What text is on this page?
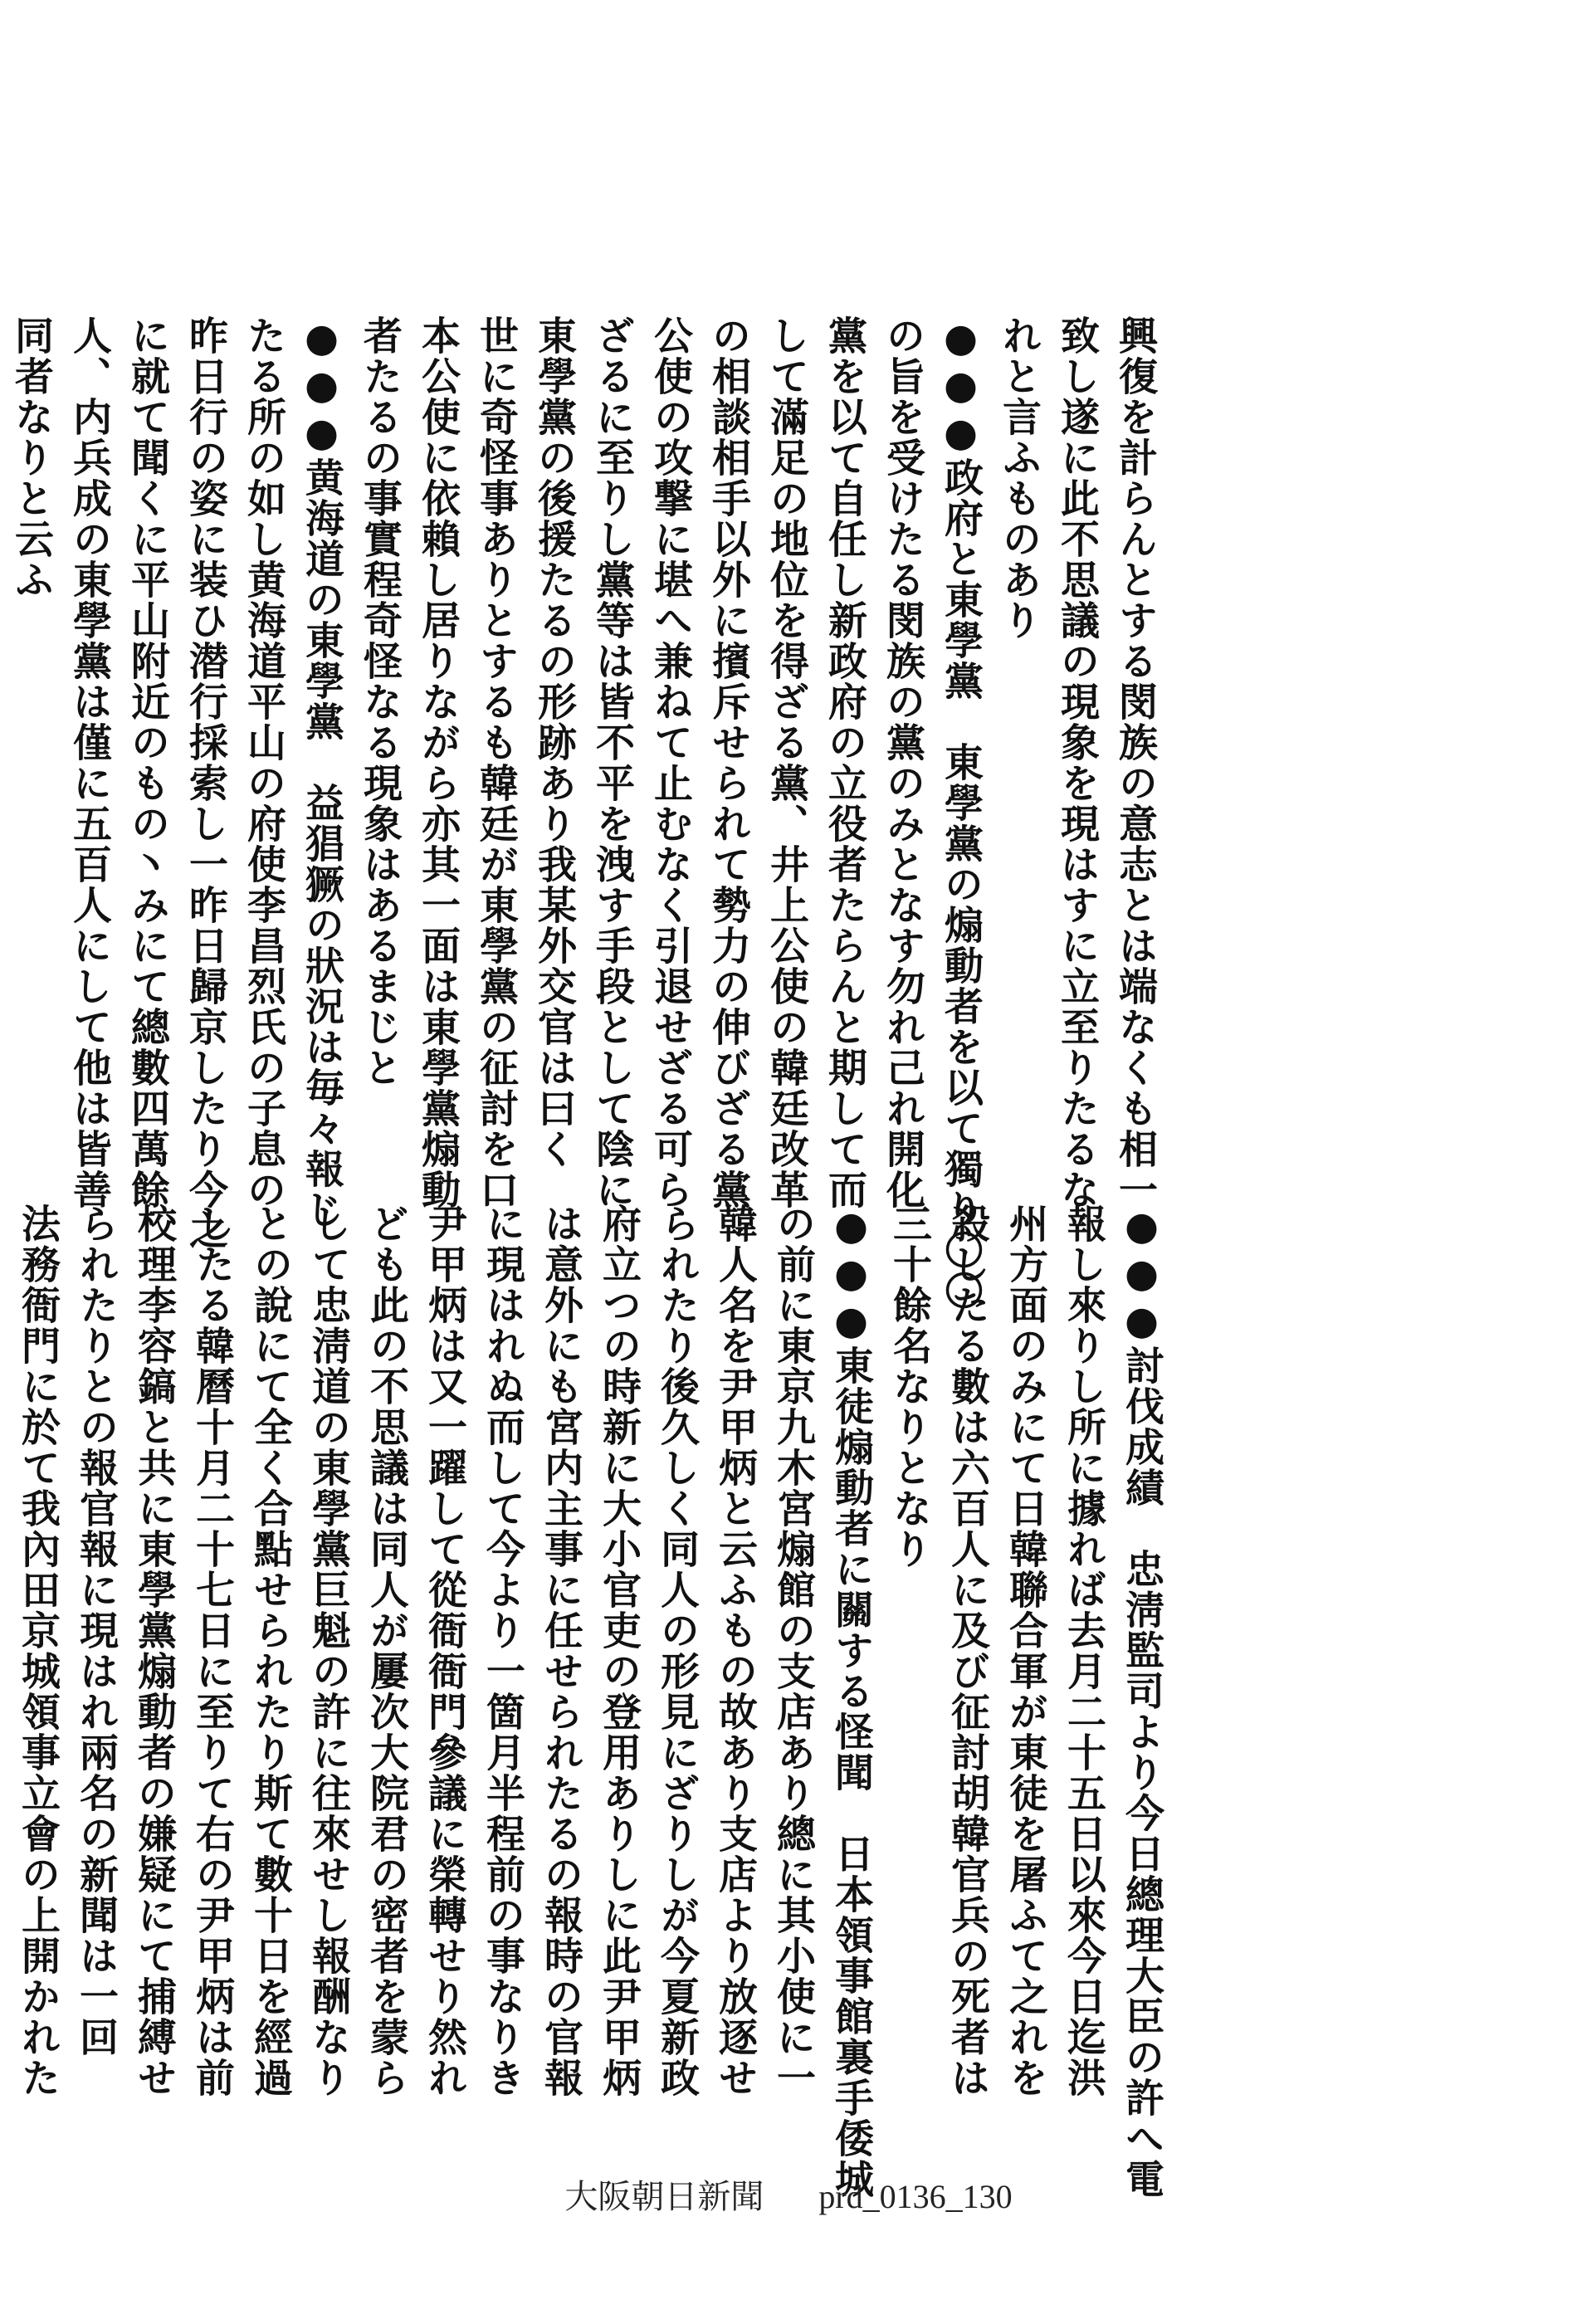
興復を計らんとする閔族の意志とは端なくも相一

致し遂に此不思議の現象を現はすに立至りたるな

れと言ふものあり

●●●政府と東學黨　東學黨の煽動者を以て獨り〇〇

の旨を受けたる閔族の黨のみとなす勿れ己れ開化

黨を以て自任し新政府の立役者たらんと期して而

して滿足の地位を得ざる黨、井上公使の韓廷改革

の相談相手以外に擯斥せられて勢力の伸びざる黨

公使の攻撃に堪へ兼ねて止むなく引退せざる可ら

ざるに至りし黨等は皆不平を洩す手段として陰に

東學黨の後援たるの形跡あり我某外交官は曰く

世に奇怪事ありとするも韓廷が東學黨の征討を口

本公使に依賴し居りながら亦其一面は東學黨煽動

者たるの事實程奇怪なる現象はあるまじと

●●●黄海道の東學黨　益猖獗の狀況は毎々報じ

たる所の如し黄海道平山の府使李昌烈氏の子息の

昨日行の姿に装ひ潜行採索し一昨日歸京したり今之

に就て聞くに平山附近のもの丶みにて總數四萬餘

人、内兵成の東學黨は僅に五百人にして他は皆善

同者なりと云ふ

●●●討伐成績　忠淸監司より今日總理大臣の許へ電

報し來りし所に據れば去月二十五日以來今日迄洪

州方面のみにて日韓聯合軍が東徒を屠ふて之れを

殺したる數は六百人に及び征討胡韓官兵の死者は

三十餘名なりとなり

●●●東徒煽動者に關する怪聞　日本領事館裏手倭城

の前に東京九木宮煽館の支店あり總に其小使に一

韓人名を尹甲炳と云ふもの故あり支店より放逐せ

られたり後久しく同人の形見にざりしが今夏新政

府立つの時新に大小官吏の登用ありしに此尹甲炳

は意外にも宮内主事に任せられたるの報時の官報

に現はれぬ而して今より一箇月半程前の事なりき

尹甲炳は又一躍して從衙衙門參議に榮轉せり然れ

ども此の不思議は同人が屢次大院君の密者を蒙ら

して忠淸道の東學黨巨魁の許に往來せし報酬なり

との說にて全く合點せられたり斯て數十日を經過

したる韓曆十月二十七日に至りて右の尹甲炳は前

校理李容鎬と共に東學黨煽動者の嫌疑にて捕縛せ

られたりとの報官報に現はれ兩名の新聞は一回

法務衙門に於て我內田京城領事立會の上開かれた

大阪朝日新聞 prd_0136_130
